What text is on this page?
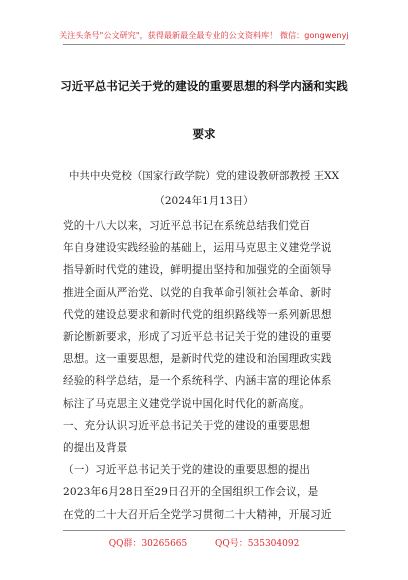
关注头条号"公文研究"，获得最新最全最专业的公文资料库！ 微信：gongwenyj
习近平总书记关于党的建设的重要思想的科学内涵和实践
要求
中共中央党校（国家行政学院）党的建设教研部教授 王XX
（2024年1月13日）
党的十八大以来，习近平总书记在系统总结我们党百
年自身建设实践经验的基础上，运用马克思主义建党学说
指导新时代党的建设，鲜明提出坚持和加强党的全面领导
推进全面从严治党、以党的自我革命引领社会革命、新时
代党的建设总要求和新时代党的组织路线等一系列新思想
新论断新要求，形成了习近平总书记关于党的建设的重要
思想。这一重要思想，是新时代党的建设和治国理政实践
经验的科学总结，是一个系统科学、内涵丰富的理论体系
标注了马克思主义建党学说中国化时代化的新高度。
一、充分认识习近平总书记关于党的建设的重要思想
的提出及背景
（一）习近平总书记关于党的建设的重要思想的提出
2023年6月28日至29日召开的全国组织工作会议，是
在党的二十大召开后全党学习贯彻二十大精神，开展习近
QQ群：30265665	QQ号：535304092
